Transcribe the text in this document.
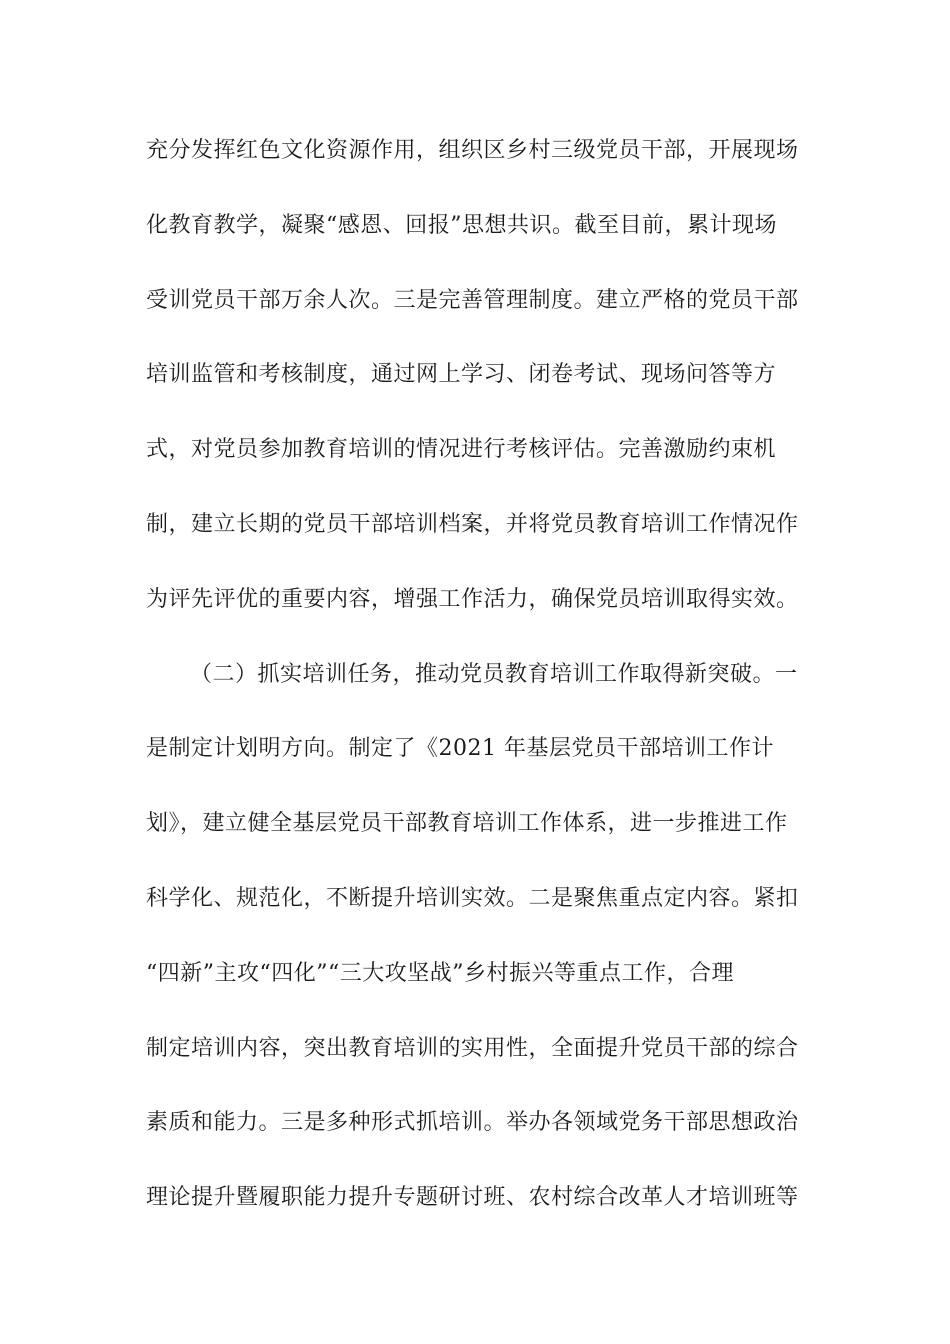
充分发挥红色文化资源作用，组织区乡村三级党员干部，开展现场
化教育教学，凝聚“感恩、回报”思想共识。截至目前，累计现场
受训党员干部万余人次。三是完善管理制度。建立严格的党员干部
培训监管和考核制度，通过网上学习、闭卷考试、现场问答等方
式，对党员参加教育培训的情况进行考核评估。完善激励约束机
制，建立长期的党员干部培训档案，并将党员教育培训工作情况作
为评先评优的重要内容，增强工作活力，确保党员培训取得实效。
（二）抓实培训任务，推动党员教育培训工作取得新突破。一
是制定计划明方向。制定了《2021 年基层党员干部培训工作计
划》，建立健全基层党员干部教育培训工作体系，进一步推进工作
科学化、规范化，不断提升培训实效。二是聚焦重点定内容。紧扣
“四新”主攻“四化”“三大攻坚战”乡村振兴等重点工作，合理
制定培训内容，突出教育培训的实用性，全面提升党员干部的综合
素质和能力。三是多种形式抓培训。举办各领域党务干部思想政治
理论提升暨履职能力提升专题研讨班、农村综合改革人才培训班等
